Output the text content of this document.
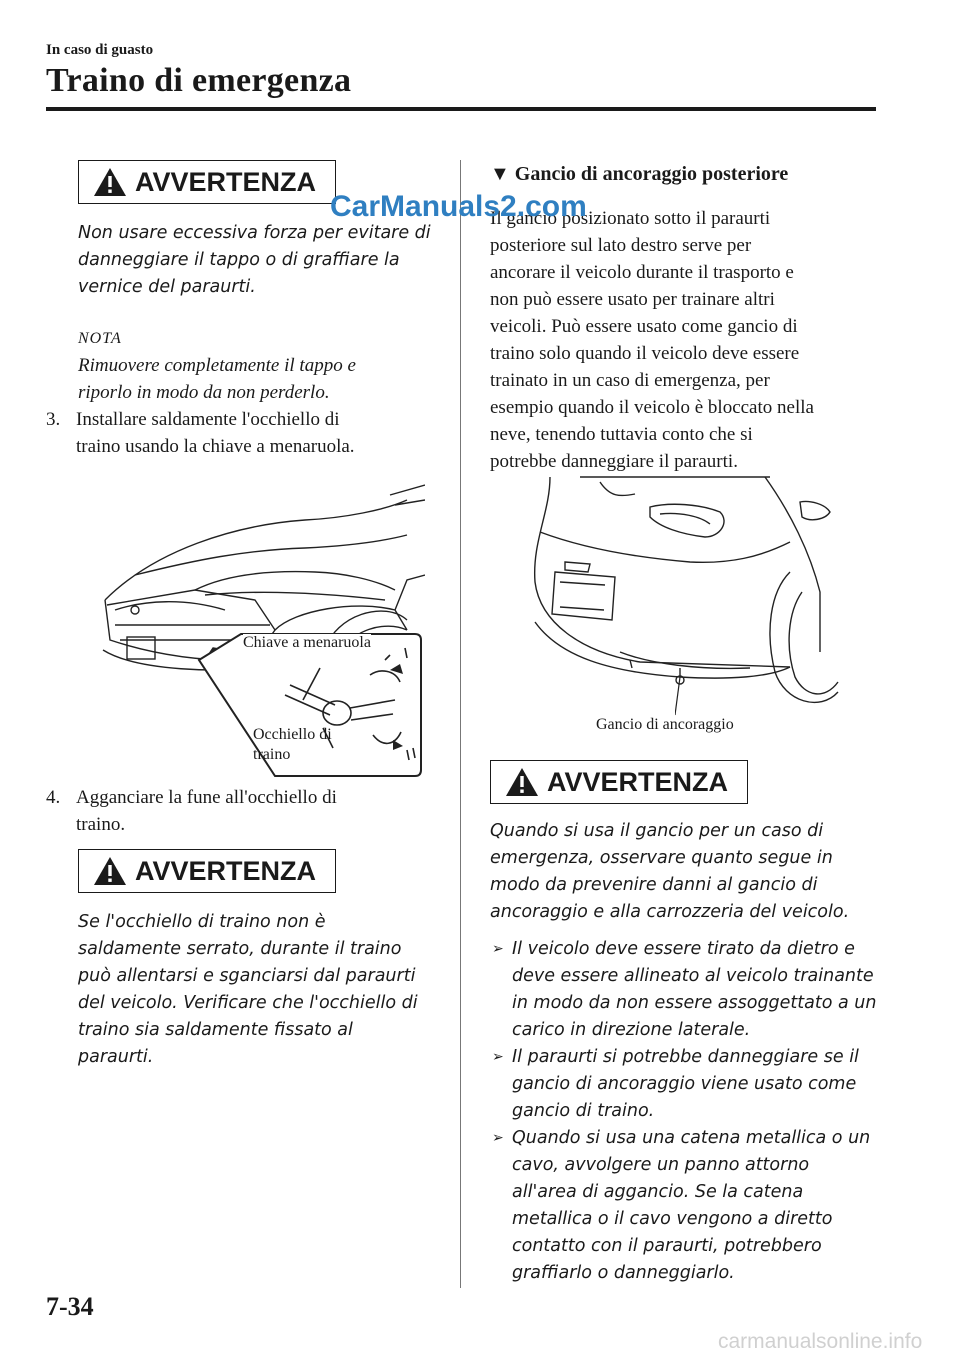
In caso di guasto
Traino di emergenza
AVVERTENZA
Non usare eccessiva forza per evitare di
danneggiare il tappo o di graffiare la
vernice del paraurti.
NOTA
Rimuovere completamente il tappo e
riporlo in modo da non perderlo.
3. Installare saldamente l'occhiello di
traino usando la chiave a menaruola.
Chiave a menaruola
Occhiello di
traino
4. Agganciare la fune all'occhiello di
traino.
AVVERTENZA
Se l'occhiello di traino non è
saldamente serrato, durante il traino
può allentarsi e sganciarsi dal paraurti
del veicolo. Verificare che l'occhiello di
traino sia saldamente fissato al
paraurti.
▼ Gancio di ancoraggio posteriore
Il gancio posizionato sotto il paraurti
posteriore sul lato destro serve per
ancorare il veicolo durante il trasporto e
non può essere usato per trainare altri
veicoli. Può essere usato come gancio di
traino solo quando il veicolo deve essere
trainato in un caso di emergenza, per
esempio quando il veicolo è bloccato nella
neve, tenendo tuttavia conto che si
potrebbe danneggiare il paraurti.
CarManuals2.com
Gancio di ancoraggio
AVVERTENZA
Quando si usa il gancio per un caso di
emergenza, osservare quanto segue in
modo da prevenire danni al gancio di
ancoraggio e alla carrozzeria del veicolo.
➢ Il veicolo deve essere tirato da dietro e
deve essere allineato al veicolo trainante
in modo da non essere assoggettato a un
carico in direzione laterale.
➢ Il paraurti si potrebbe danneggiare se il
gancio di ancoraggio viene usato come
gancio di traino.
➢ Quando si usa una catena metallica o un
cavo, avvolgere un panno attorno
all'area di aggancio. Se la catena
metallica o il cavo vengono a diretto
contatto con il paraurti, potrebbero
graffiarlo o danneggiarlo.
7-34
carmanualsonline.info
